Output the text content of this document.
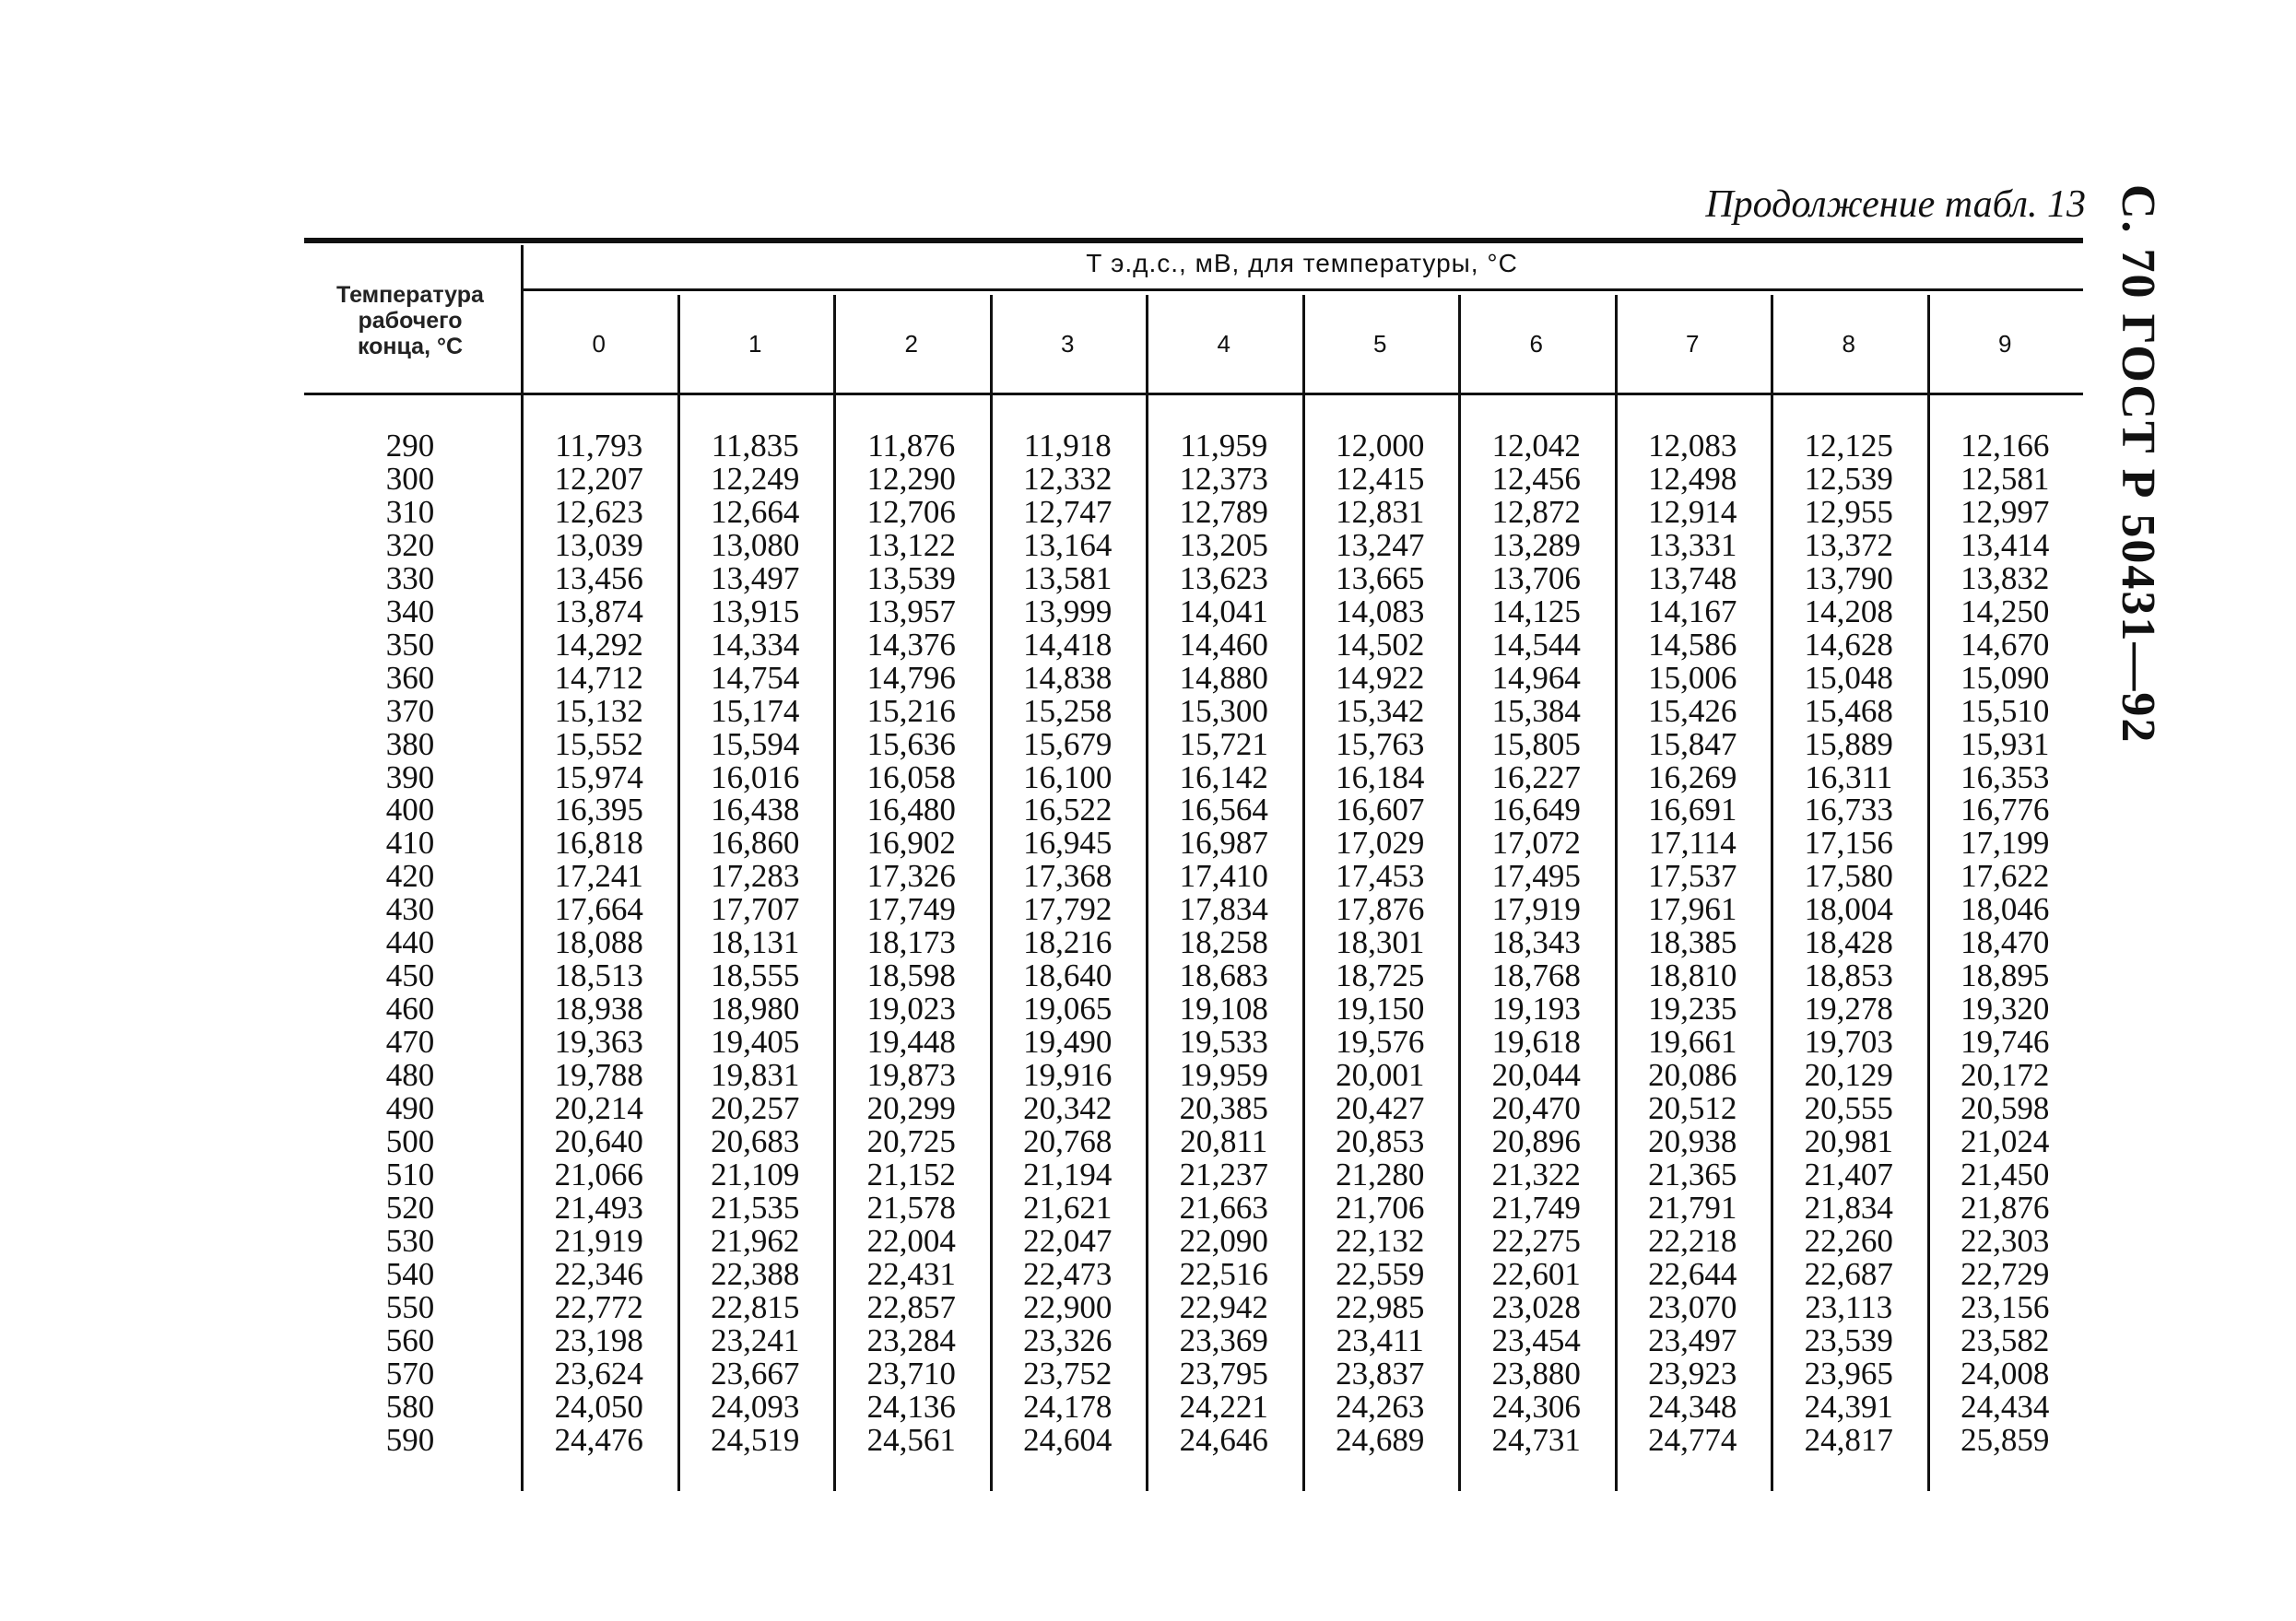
С. 70 ГОСТ Р 50431—92
Продолжение табл. 13
Температура
рабочего
конца, °С
Т э.д.с., мВ, для температуры, °С
0	1	2	3	4	5	6	7	8	9
290	11,793	11,835	11,876	11,918	11,959	12,000	12,042	12,083	12,125	12,166
300	12,207	12,249	12,290	12,332	12,373	12,415	12,456	12,498	12,539	12,581
310	12,623	12,664	12,706	12,747	12,789	12,831	12,872	12,914	12,955	12,997
320	13,039	13,080	13,122	13,164	13,205	13,247	13,289	13,331	13,372	13,414
330	13,456	13,497	13,539	13,581	13,623	13,665	13,706	13,748	13,790	13,832
340	13,874	13,915	13,957	13,999	14,041	14,083	14,125	14,167	14,208	14,250
350	14,292	14,334	14,376	14,418	14,460	14,502	14,544	14,586	14,628	14,670
360	14,712	14,754	14,796	14,838	14,880	14,922	14,964	15,006	15,048	15,090
370	15,132	15,174	15,216	15,258	15,300	15,342	15,384	15,426	15,468	15,510
380	15,552	15,594	15,636	15,679	15,721	15,763	15,805	15,847	15,889	15,931
390	15,974	16,016	16,058	16,100	16,142	16,184	16,227	16,269	16,311	16,353
400	16,395	16,438	16,480	16,522	16,564	16,607	16,649	16,691	16,733	16,776
410	16,818	16,860	16,902	16,945	16,987	17,029	17,072	17,114	17,156	17,199
420	17,241	17,283	17,326	17,368	17,410	17,453	17,495	17,537	17,580	17,622
430	17,664	17,707	17,749	17,792	17,834	17,876	17,919	17,961	18,004	18,046
440	18,088	18,131	18,173	18,216	18,258	18,301	18,343	18,385	18,428	18,470
450	18,513	18,555	18,598	18,640	18,683	18,725	18,768	18,810	18,853	18,895
460	18,938	18,980	19,023	19,065	19,108	19,150	19,193	19,235	19,278	19,320
470	19,363	19,405	19,448	19,490	19,533	19,576	19,618	19,661	19,703	19,746
480	19,788	19,831	19,873	19,916	19,959	20,001	20,044	20,086	20,129	20,172
490	20,214	20,257	20,299	20,342	20,385	20,427	20,470	20,512	20,555	20,598
500	20,640	20,683	20,725	20,768	20,811	20,853	20,896	20,938	20,981	21,024
510	21,066	21,109	21,152	21,194	21,237	21,280	21,322	21,365	21,407	21,450
520	21,493	21,535	21,578	21,621	21,663	21,706	21,749	21,791	21,834	21,876
530	21,919	21,962	22,004	22,047	22,090	22,132	22,275	22,218	22,260	22,303
540	22,346	22,388	22,431	22,473	22,516	22,559	22,601	22,644	22,687	22,729
550	22,772	22,815	22,857	22,900	22,942	22,985	23,028	23,070	23,113	23,156
560	23,198	23,241	23,284	23,326	23,369	23,411	23,454	23,497	23,539	23,582
570	23,624	23,667	23,710	23,752	23,795	23,837	23,880	23,923	23,965	24,008
580	24,050	24,093	24,136	24,178	24,221	24,263	24,306	24,348	24,391	24,434
590	24,476	24,519	24,561	24,604	24,646	24,689	24,731	24,774	24,817	25,859
